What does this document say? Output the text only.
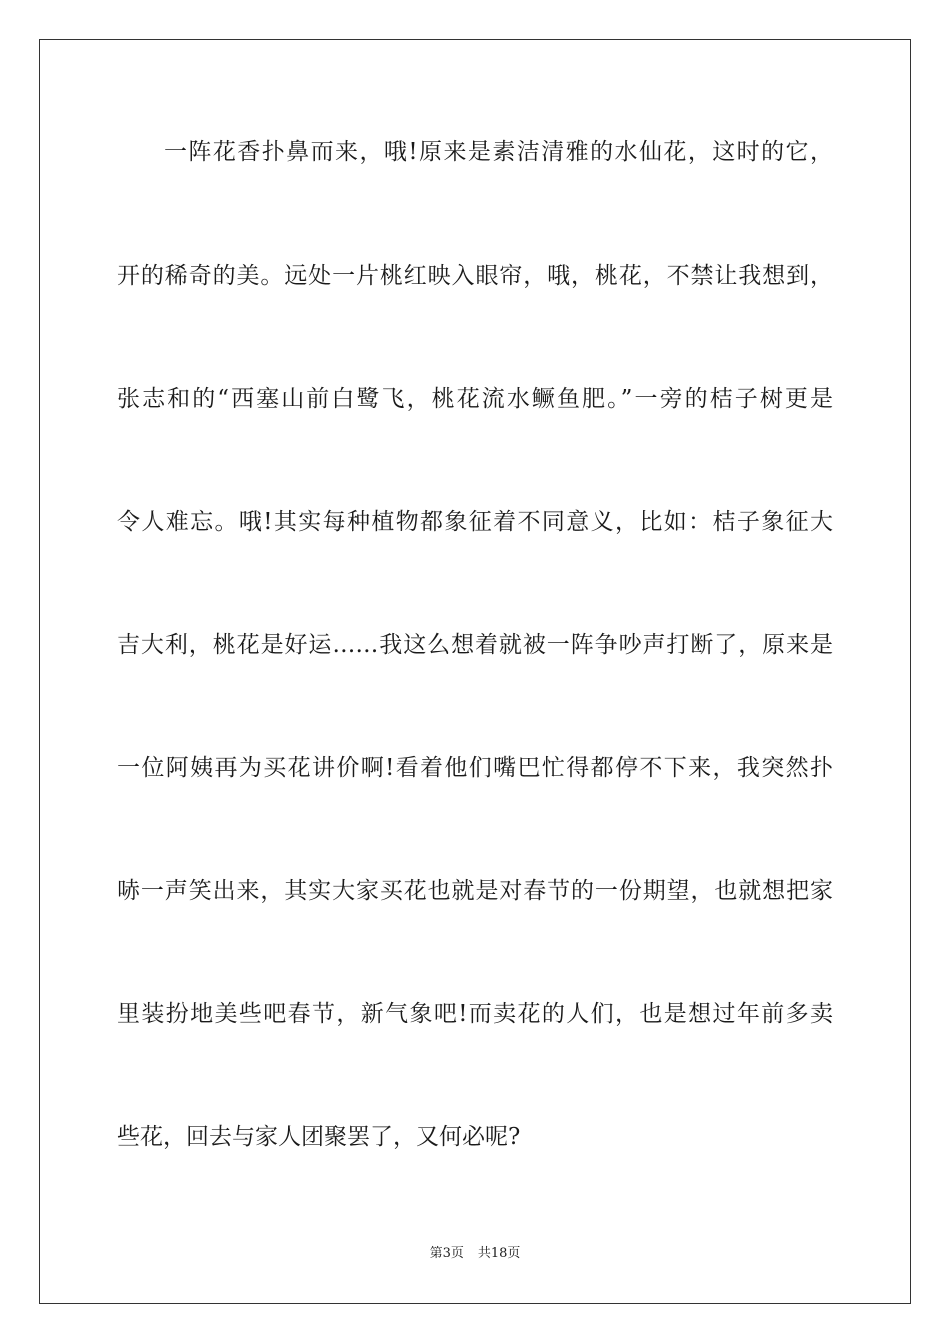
一阵花香扑鼻而来，哦!原来是素洁清雅的水仙花，这时的它，
开的稀奇的美。远处一片桃红映入眼帘，哦，桃花，不禁让我想到，
张志和的“西塞山前白鹭飞，桃花流水鳜鱼肥。”一旁的桔子树更是
令人难忘。哦!其实每种植物都象征着不同意义，比如：桔子象征大
吉大利，桃花是好运……我这么想着就被一阵争吵声打断了，原来是
一位阿姨再为买花讲价啊!看着他们嘴巴忙得都停不下来，我突然扑
哧一声笑出来，其实大家买花也就是对春节的一份期望，也就想把家
里装扮地美些吧春节，新气象吧!而卖花的人们，也是想过年前多卖
些花，回去与家人团聚罢了，又何必呢?
第3页 共18页
